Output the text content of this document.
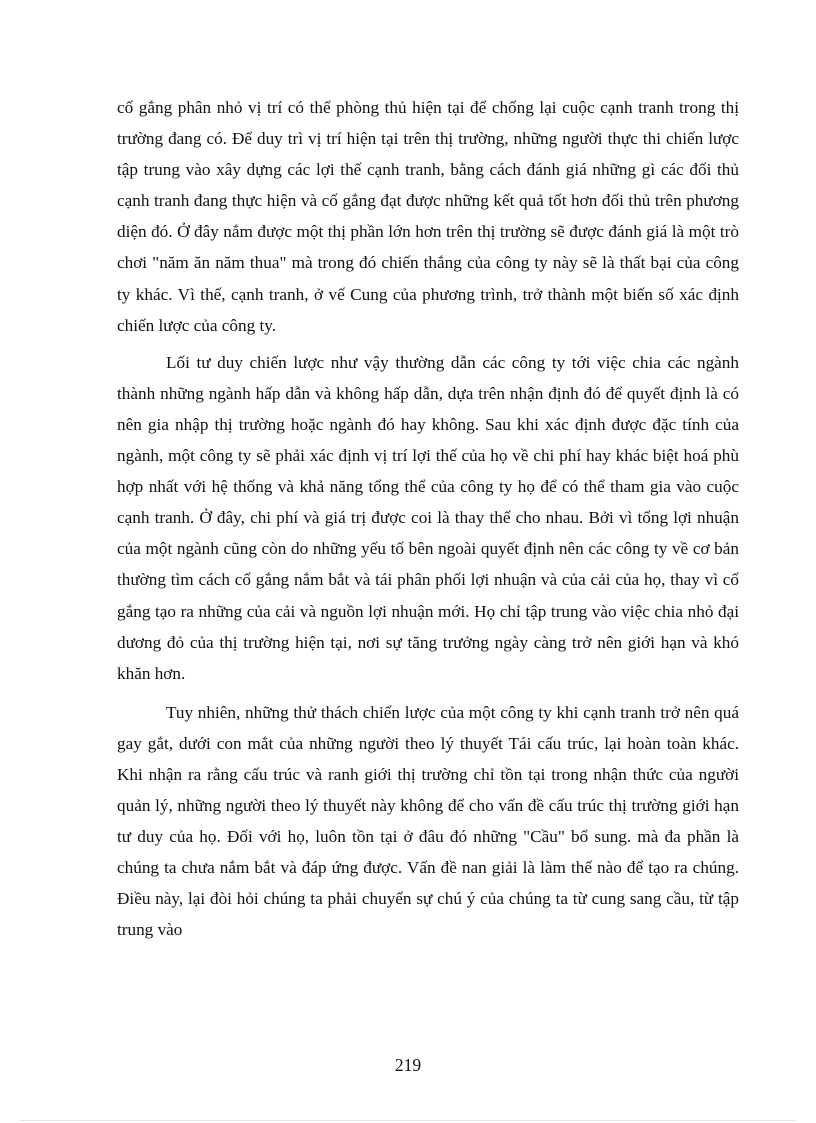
cố gắng phân nhỏ vị trí có thể phòng thủ hiện tại để chống lại cuộc cạnh tranh trong thị trường đang có. Để duy trì vị trí hiện tại trên thị trường, những người thực thi chiến lược tập trung vào xây dựng các lợi thế cạnh tranh, bằng cách đánh giá những gì các đối thủ cạnh tranh đang thực hiện và cố gắng đạt được những kết quả tốt hơn đối thủ trên phương diện đó. Ở đây nắm được một thị phần lớn hơn trên thị trường sẽ được đánh giá là một trò chơi "năm ăn năm thua" mà trong đó chiến thắng của công ty này sẽ là thất bại của công ty khác. Vì thế, cạnh tranh, ở vế Cung của phương trình, trở thành một biến số xác định chiến lược của công ty.

Lối tư duy chiến lược như vậy thường dẫn các công ty tới việc chia các ngành thành những ngành hấp dẫn và không hấp dẫn, dựa trên nhận định đó để quyết định là có nên gia nhập thị trường hoặc ngành đó hay không. Sau khi xác định được đặc tính của ngành, một công ty sẽ phải xác định vị trí lợi thế của họ về chi phí hay khác biệt hoá phù hợp nhất với hệ thống và khả năng tổng thể của công ty họ để có thể tham gia vào cuộc cạnh tranh. Ở đây, chi phí và giá trị được coi là thay thế cho nhau. Bởi vì tổng lợi nhuận của một ngành cũng còn do những yếu tố bên ngoài quyết định nên các công ty về cơ bản thường tìm cách cố gắng nắm bắt và tái phân phối lợi nhuận và của cải của họ, thay vì cố gắng tạo ra những của cải và nguồn lợi nhuận mới. Họ chỉ tập trung vào việc chia nhỏ đại dương đỏ của thị trường hiện tại, nơi sự tăng trưởng ngày càng trở nên giới hạn và khó khăn hơn.

Tuy nhiên, những thử thách chiến lược của một công ty khi cạnh tranh trở nên quá gay gắt, dưới con mắt của những người theo lý thuyết Tái cấu trúc, lại hoàn toàn khác. Khi nhận ra rằng cấu trúc và ranh giới thị trường chỉ tồn tại trong nhận thức của người quản lý, những người theo lý thuyết này không để cho vấn đề cấu trúc thị trường giới hạn tư duy của họ. Đối với họ, luôn tồn tại ở đâu đó những "Cầu" bổ sung. mà đa phần là chúng ta chưa nắm bắt và đáp ứng được. Vấn đề nan giải là làm thế nào để tạo ra chúng. Điều này, lại đòi hỏi chúng ta phải chuyển sự chú ý của chúng ta từ cung sang cầu, từ tập trung vào

219
